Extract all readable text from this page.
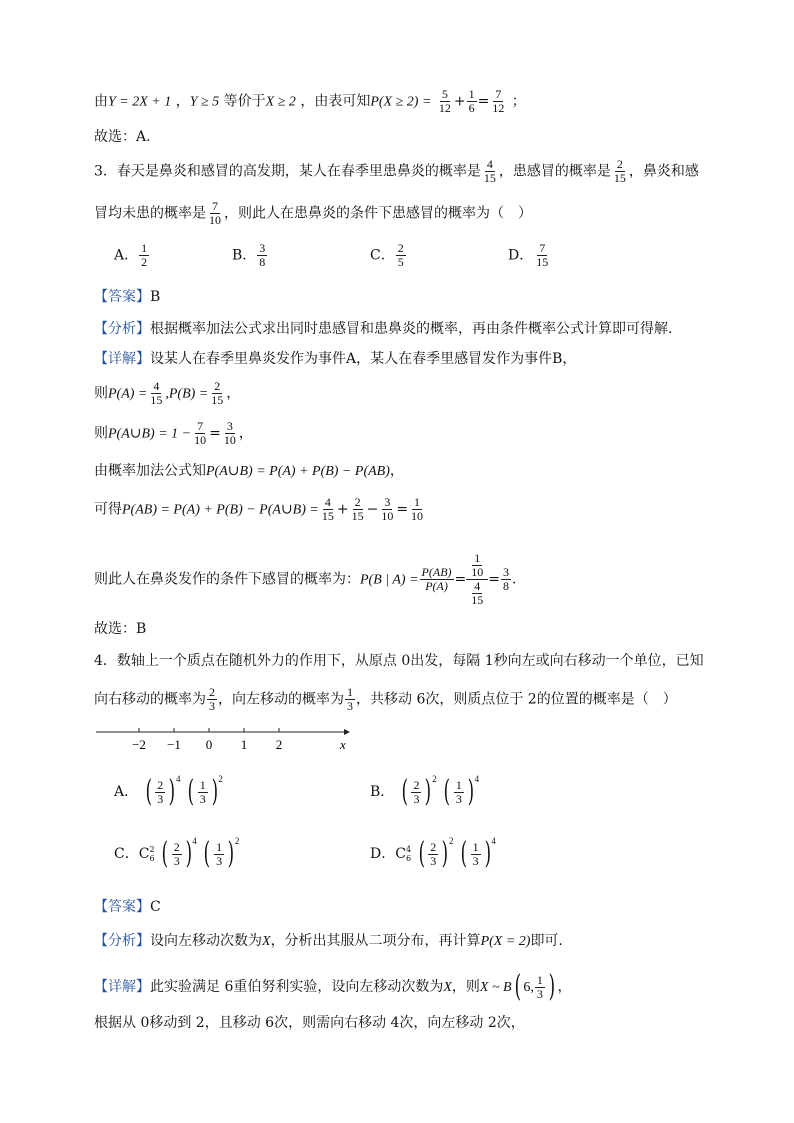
由Y = 2X + 1 ，Y ≥ 5 等价于X ≥ 2 ，由表可知$P(X \ge 2) = \frac{5}{12} + \frac{1}{6} = \frac{7}{12}$ ；
故选：A.
3．春天是鼻炎和感冒的高发期，某人在春季里患鼻炎的概率是 $\frac{4}{15}$ ，患感冒的概率是 $\frac{2}{15}$ ，鼻炎和感
冒均未患的概率是 $\frac{7}{10}$ ，则此人在患鼻炎的条件下患感冒的概率为（　）
A． $\frac{1}{2}$	B． $\frac{3}{8}$	C． $\frac{2}{5}$	D． $\frac{7}{15}$
【答案】B
【分析】根据概率加法公式求出同时患感冒和患鼻炎的概率，再由条件概率公式计算即可得解.
【详解】设某人在春季里鼻炎发作为事件A，某人在春季里感冒发作为事件B，
则$P(A) = \frac{4}{15} ,P(B) = \frac{2}{15}$ ，
则P(A∪B) = $1 - \frac{7}{10} = \frac{3}{10}$ ，
由概率加法公式知P(A∪B) = P(A) + P(B) − P(AB)，
可得P(AB) = P(A) + P(B) − P(A∪B) = $\frac{4}{15} + \frac{2}{15} - \frac{3}{10} = \frac{1}{10}$
则此人在鼻炎发作的条件下感冒的概率为：P(B | $A) = \frac{P(AB)}{P(A)} = \frac{\frac{1}{10}}{\frac{4}{15}} = \frac{3}{8}$ .
故选：B
4．数轴上一个质点在随机外力的作用下，从原点 0出发，每隔 1秒向左或向右移动一个单位，已知
向右移动的概率为 $\frac{2}{3}$ ，向左移动的概率为 $\frac{1}{3}$ ，共移动 6次，则质点位于 2的位置的概率是（　）
−2 −1 0 1 2	x
A． ( $\frac{2}{3} )^4$ ( $\frac{1}{3} )^2$
B． ( $\frac{2}{3} )^2$ ( $\frac{1}{3} )^4$
C．C 2
6 ( $\frac{2}{3} )^4$ ( $\frac{1}{3} )^2$
D．C 4
6 ( $\frac{2}{3} )^2$ ( $\frac{1}{3} )^4$
【答案】C
【分析】设向左移动次数为X，分析出其服从二项分布，再计算P(X = 2)即可.
【详解】此实验满足 6重伯努利实验，设向左移动次数为X，则X ~ B( 6, $\frac{1}{3}$ ) ，
根据从 0移动到 2，且移动 6次，则需向右移动 4次，向左移动 2次，
